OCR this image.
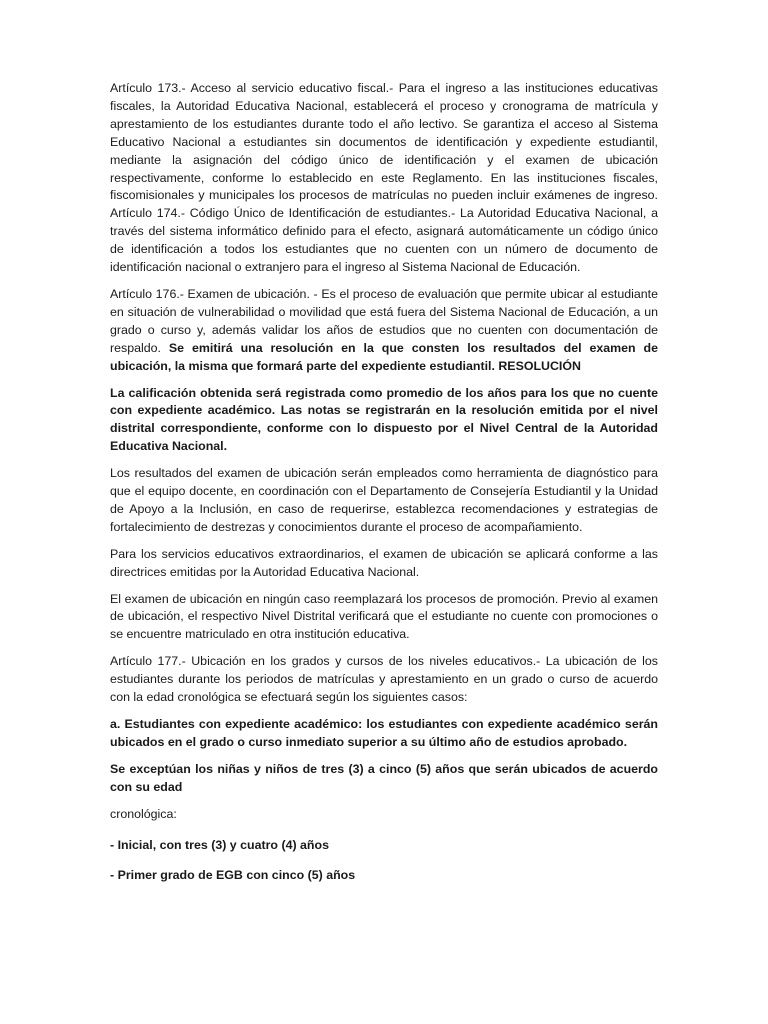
Artículo 173.- Acceso al servicio educativo fiscal.- Para el ingreso a las instituciones educativas fiscales, la Autoridad Educativa Nacional, establecerá el proceso y cronograma de matrícula y aprestamiento de los estudiantes durante todo el año lectivo. Se garantiza el acceso al Sistema Educativo Nacional a estudiantes sin documentos de identificación y expediente estudiantil, mediante la asignación del código único de identificación y el examen de ubicación respectivamente, conforme lo establecido en este Reglamento. En las instituciones fiscales, fiscomisionales y municipales los procesos de matrículas no pueden incluir exámenes de ingreso. Artículo 174.- Código Único de Identificación de estudiantes.- La Autoridad Educativa Nacional, a través del sistema informático definido para el efecto, asignará automáticamente un código único de identificación a todos los estudiantes que no cuenten con un número de documento de identificación nacional o extranjero para el ingreso al Sistema Nacional de Educación.

Artículo 176.- Examen de ubicación. - Es el proceso de evaluación que permite ubicar al estudiante en situación de vulnerabilidad o movilidad que está fuera del Sistema Nacional de Educación, a un grado o curso y, además validar los años de estudios que no cuenten con documentación de respaldo. Se emitirá una resolución en la que consten los resultados del examen de ubicación, la misma que formará parte del expediente estudiantil. RESOLUCIÓN

La calificación obtenida será registrada como promedio de los años para los que no cuente con expediente académico. Las notas se registrarán en la resolución emitida por el nivel distrital correspondiente, conforme con lo dispuesto por el Nivel Central de la Autoridad Educativa Nacional.

Los resultados del examen de ubicación serán empleados como herramienta de diagnóstico para que el equipo docente, en coordinación con el Departamento de Consejería Estudiantil y la Unidad de Apoyo a la Inclusión, en caso de requerirse, establezca recomendaciones y estrategias de fortalecimiento de destrezas y conocimientos durante el proceso de acompañamiento.

Para los servicios educativos extraordinarios, el examen de ubicación se aplicará conforme a las directrices emitidas por la Autoridad Educativa Nacional.

El examen de ubicación en ningún caso reemplazará los procesos de promoción. Previo al examen de ubicación, el respectivo Nivel Distrital verificará que el estudiante no cuente con promociones o se encuentre matriculado en otra institución educativa.

Artículo 177.- Ubicación en los grados y cursos de los niveles educativos.- La ubicación de los estudiantes durante los periodos de matrículas y aprestamiento en un grado o curso de acuerdo con la edad cronológica se efectuará según los siguientes casos:

a. Estudiantes con expediente académico: los estudiantes con expediente académico serán ubicados en el grado o curso inmediato superior a su último año de estudios aprobado.

Se exceptúan los niñas y niños de tres (3) a cinco (5) años que serán ubicados de acuerdo con su edad

cronológica:

- Inicial, con tres (3) y cuatro (4) años

- Primer grado de EGB con cinco (5) años
